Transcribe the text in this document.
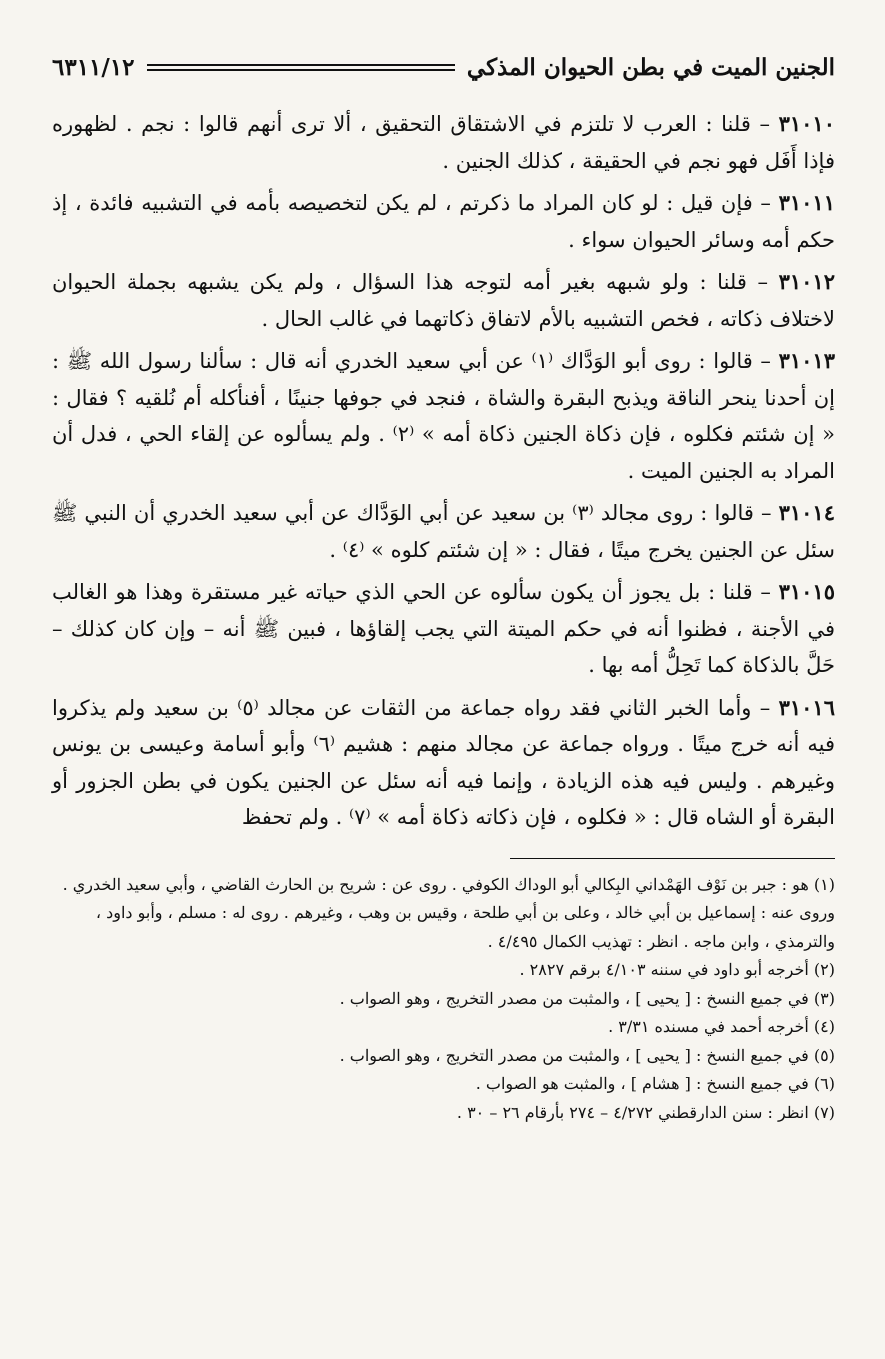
الجنين الميت في بطن الحيوان المذكي
٦٣١١/١٢

٣١٠١٠ – قلنا : العرب لا تلتزم في الاشتقاق التحقيق ، ألا ترى أنهم قالوا : نجم . لظهوره فإذا أَفَل فهو نجم في الحقيقة ، كذلك الجنين .

٣١٠١١ – فإن قيل : لو كان المراد ما ذكرتم ، لم يكن لتخصيصه بأمه في التشبيه فائدة ، إذ حكم أمه وسائر الحيوان سواء .

٣١٠١٢ – قلنا : ولو شبهه بغير أمه لتوجه هذا السؤال ، ولم يكن يشبهه بجملة الحيوان لاختلاف ذكاته ، فخص التشبيه بالأم لاتفاق ذكاتهما في غالب الحال .

٣١٠١٣ – قالوا : روى أبو الوَدَّاك ⁽١⁾ عن أبي سعيد الخدري أنه قال : سألنا رسول الله ﷺ : إن أحدنا ينحر الناقة ويذبح البقرة والشاة ، فنجد في جوفها جنينًا ، أفنأكله أم نُلقيه ؟ فقال : « إن شئتم فكلوه ، فإن ذكاة الجنين ذكاة أمه » ⁽٢⁾ . ولم يسألوه عن إلقاء الحي ، فدل أن المراد به الجنين الميت .

٣١٠١٤ – قالوا : روى مجالد ⁽٣⁾ بن سعيد عن أبي الوَدَّاك عن أبي سعيد الخدري أن النبي ﷺ سئل عن الجنين يخرج ميتًا ، فقال : « إن شئتم كلوه » ⁽٤⁾ .

٣١٠١٥ – قلنا : بل يجوز أن يكون سألوه عن الحي الذي حياته غير مستقرة وهذا هو الغالب في الأجنة ، فظنوا أنه في حكم الميتة التي يجب إلقاؤها ، فبين ﷺ أنه – وإن كان كذلك – حَلَّ بالذكاة كما تَحِلُّ أمه بها .

٣١٠١٦ – وأما الخبر الثاني فقد رواه جماعة من الثقات عن مجالد ⁽٥⁾ بن سعيد ولم يذكروا فيه أنه خرج ميتًا . ورواه جماعة عن مجالد منهم : هشيم ⁽٦⁾ وأبو أسامة وعيسى بن يونس وغيرهم . وليس فيه هذه الزيادة ، وإنما فيه أنه سئل عن الجنين يكون في بطن الجزور أو البقرة أو الشاه قال : « فكلوه ، فإن ذكاته ذكاة أمه » ⁽٧⁾ . ولم تحفظ

(١) هو : جبر بن نَوْف الهَمْداني البِكالي أبو الوداك الكوفي . روى عن : شريح بن الحارث القاضي ، وأبي سعيد الخدري . وروى عنه : إسماعيل بن أبي خالد ، وعلى بن أبي طلحة ، وقيس بن وهب ، وغيرهم . روى له : مسلم ، وأبو داود ، والترمذي ، وابن ماجه . انظر : تهذيب الكمال ٤/٤٩٥ .

(٢) أخرجه أبو داود في سننه ٤/١٠٣ برقم ٢٨٢٧ .

(٣) في جميع النسخ : [ يحيى ] ، والمثبت من مصدر التخريج ، وهو الصواب .

(٤) أخرجه أحمد في مسنده ٣/٣١ .

(٥) في جميع النسخ : [ يحيى ] ، والمثبت من مصدر التخريج ، وهو الصواب .

(٦) في جميع النسخ : [ هشام ] ، والمثبت هو الصواب .

(٧) انظر : سنن الدارقطني ٤/٢٧٢ – ٢٧٤ بأرقام ٢٦ – ٣٠ .
